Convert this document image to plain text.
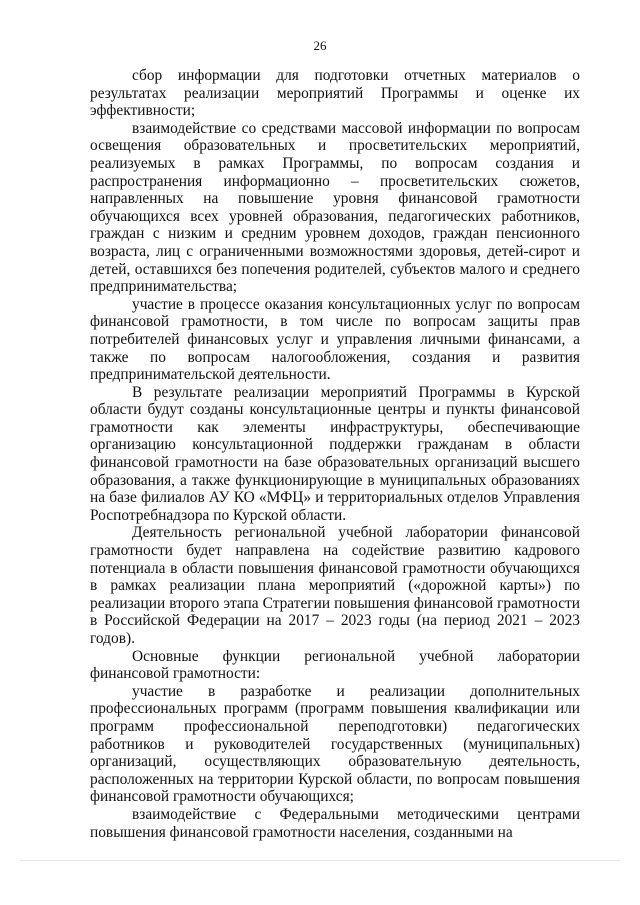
26

сбор информации для подготовки отчетных материалов о результатах реализации мероприятий Программы и оценке их эффективности;

взаимодействие со средствами массовой информации по вопросам освещения образовательных и просветительских мероприятий, реализуемых в рамках Программы, по вопросам создания и распространения информационно – просветительских сюжетов, направленных на повышение уровня финансовой грамотности обучающихся всех уровней образования, педагогических работников, граждан с низким и средним уровнем доходов, граждан пенсионного возраста, лиц с ограниченными возможностями здоровья, детей-сирот и детей, оставшихся без попечения родителей, субъектов малого и среднего предпринимательства;

участие в процессе оказания консультационных услуг по вопросам финансовой грамотности, в том числе по вопросам защиты прав потребителей финансовых услуг и управления личными финансами, а также по вопросам налогообложения, создания и развития предпринимательской деятельности.

В результате реализации мероприятий Программы в Курской области будут созданы консультационные центры и пункты финансовой грамотности как элементы инфраструктуры, обеспечивающие организацию консультационной поддержки гражданам в области финансовой грамотности на базе образовательных организаций высшего образования, а также функционирующие в муниципальных образованиях на базе филиалов АУ КО «МФЦ» и территориальных отделов Управления Роспотребнадзора по Курской области.

Деятельность региональной учебной лаборатории финансовой грамотности будет направлена на содействие развитию кадрового потенциала в области повышения финансовой грамотности обучающихся в рамках реализации плана мероприятий («дорожной карты») по реализации второго этапа Стратегии повышения финансовой грамотности в Российской Федерации на 2017 – 2023 годы (на период 2021 – 2023 годов).

Основные функции региональной учебной лаборатории финансовой грамотности:

участие в разработке и реализации дополнительных профессиональных программ (программ повышения квалификации или программ профессиональной переподготовки) педагогических работников и руководителей государственных (муниципальных) организаций, осуществляющих образовательную деятельность, расположенных на территории Курской области, по вопросам повышения финансовой грамотности обучающихся;

взаимодействие с Федеральными методическими центрами повышения финансовой грамотности населения, созданными на
